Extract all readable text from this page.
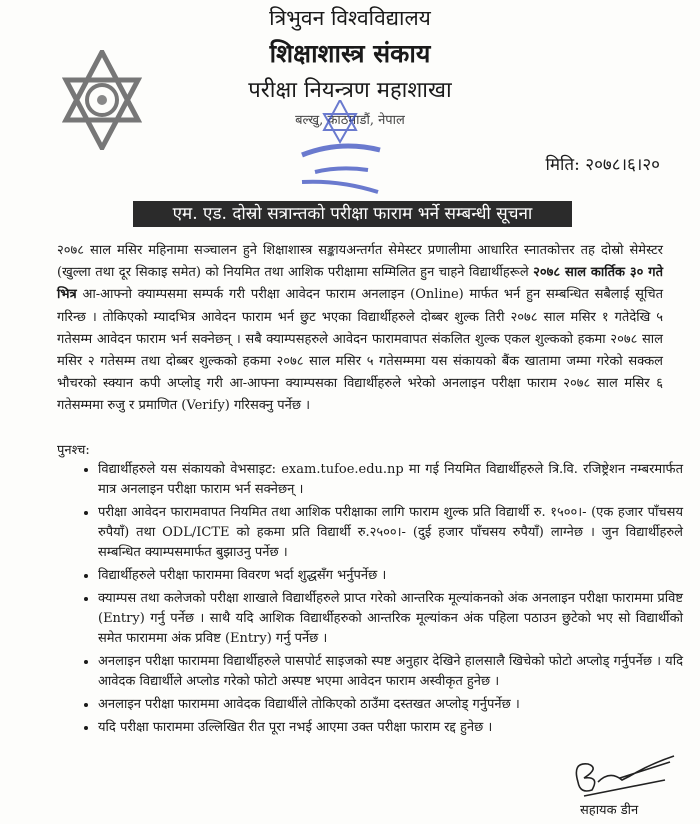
त्रिभुवन विश्वविद्यालय
शिक्षाशास्त्र संकाय
परीक्षा नियन्त्रण महाशाखा
बल्खु, काठमाडौं, नेपाल
मिति: २०७८।६।२०
एम. एड. दोस्रो सत्रान्तको परीक्षा फाराम भर्ने सम्बन्धी सूचना
२०७८ साल मसिर महिनामा सञ्चालन हुने शिक्षाशास्त्र सङ्कायअन्तर्गत सेमेस्टर प्रणालीमा आधारित स्नातकोत्तर तह दोस्रो सेमेस्टर (खुल्ला तथा दूर सिकाइ समेत) को नियमित तथा आशिक परीक्षामा सम्मिलित हुन चाहने विद्यार्थीहरूले २०७८ साल कार्तिक ३० गते भित्र आ-आफ्नो क्याम्पसमा सम्पर्क गरी परीक्षा आवेदन फाराम अनलाइन (Online) मार्फत भर्न हुन सम्बन्धित सबैलाई सूचित गरिन्छ । तोकिएको म्यादभित्र आवेदन फाराम भर्न छुट भएका विद्यार्थीहरुले दोब्बर शुल्क तिरी २०७८ साल मसिर १ गतेदेखि ५ गतेसम्म आवेदन फाराम भर्न सक्नेछन् । सबै क्याम्पसहरुले आवेदन फारामवापत संकलित शुल्क एकल शुल्कको हकमा २०७८ साल मसिर २ गतेसम्म तथा दोब्बर शुल्कको हकमा २०७८ साल मसिर ५ गतेसम्ममा यस संकायको बैंक खातामा जम्मा गरेको सक्कल भौचरको स्क्यान कपी अप्लोड् गरी आ-आफ्ना क्याम्पसका विद्यार्थीहरुले भरेको अनलाइन परीक्षा फाराम २०७८ साल मसिर ६ गतेसम्ममा रुजु र प्रमाणित (Verify) गरिसक्नु पर्नेछ ।
पुनश्च:
• विद्यार्थीहरुले यस संकायको वेभसाइट: exam.tufoe.edu.np मा गई नियमित विद्यार्थीहरुले त्रि.वि. रजिष्ट्रेशन नम्बरमार्फत मात्र अनलाइन परीक्षा फाराम भर्न सक्नेछन् ।
• परीक्षा आवेदन फारामवापत नियमित तथा आशिक परीक्षाका लागि फाराम शुल्क प्रति विद्यार्थी रु. १५००।- (एक हजार पाँचसय रुपैयाँ) तथा ODL/ICTE को हकमा प्रति विद्यार्थी रु.२५००।- (दुई हजार पाँचसय रुपैयाँ) लाग्नेछ । जुन विद्यार्थीहरुले सम्बन्धित क्याम्पसमार्फत बुझाउनु पर्नेछ ।
• विद्यार्थीहरुले परीक्षा फाराममा विवरण भर्दा शुद्धसँग भर्नुपर्नेछ ।
• क्याम्पस तथा कलेजको परीक्षा शाखाले विद्यार्थीहरुले प्राप्त गरेको आन्तरिक मूल्यांकनको अंक अनलाइन परीक्षा फाराममा प्रविष्ट (Entry) गर्नु पर्नेछ । साथै यदि आशिक विद्यार्थीहरुको आन्तरिक मूल्यांकन अंक पहिला पठाउन छुटेको भए सो विद्यार्थीको समेत फाराममा अंक प्रविष्ट (Entry) गर्नु पर्नेछ ।
• अनलाइन परीक्षा फाराममा विद्यार्थीहरुले पासपोर्ट साइजको स्पष्ट अनुहार देखिने हालसालै खिचेको फोटो अप्लोड् गर्नुपर्नेछ । यदि आवेदक विद्यार्थीले अप्लोड गरेको फोटो अस्पष्ट भएमा आवेदन फाराम अस्वीकृत हुनेछ ।
• अनलाइन परीक्षा फाराममा आवेदक विद्यार्थीले तोकिएको ठाउँमा दस्तखत अप्लोड् गर्नुपर्नेछ ।
• यदि परीक्षा फाराममा उल्लिखित रीत पूरा नभई आएमा उक्त परीक्षा फाराम रद्द हुनेछ ।
सहायक डीन
